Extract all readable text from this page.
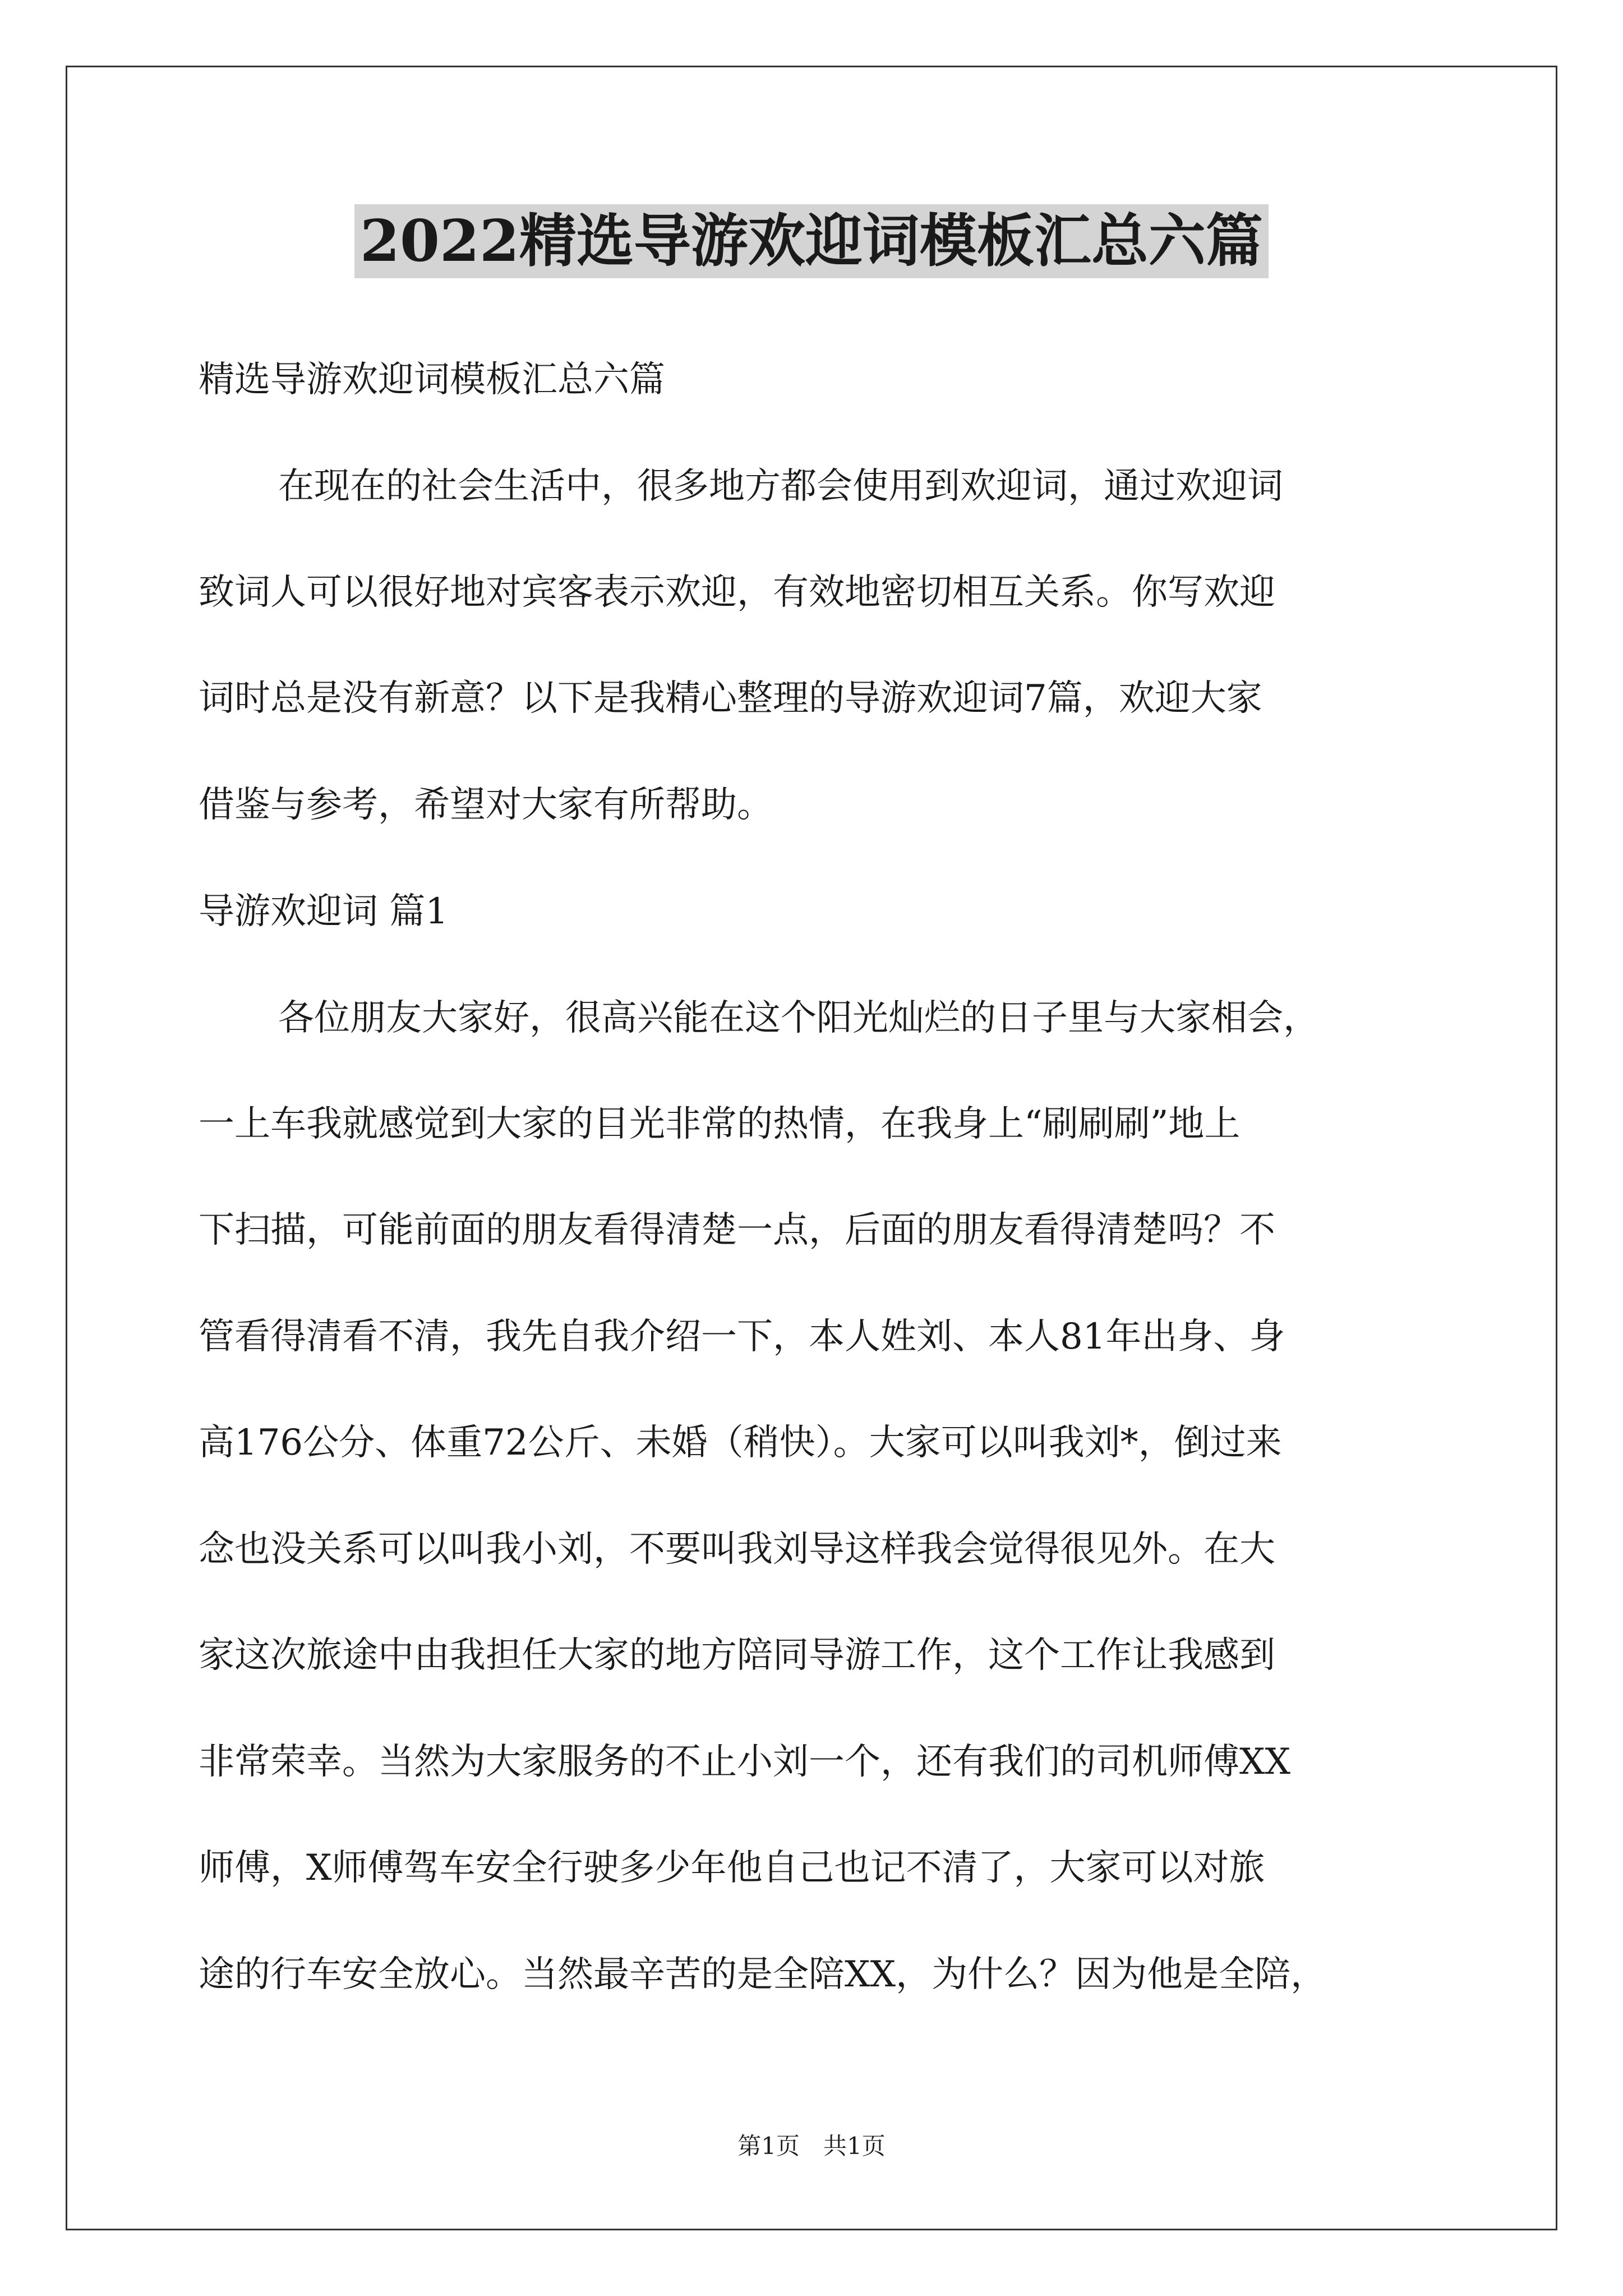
2022精选导游欢迎词模板汇总六篇
精选导游欢迎词模板汇总六篇
在现在的社会生活中，很多地方都会使用到欢迎词，通过欢迎词
致词人可以很好地对宾客表示欢迎，有效地密切相互关系。你写欢迎
词时总是没有新意？以下是我精心整理的导游欢迎词7篇，欢迎大家
借鉴与参考，希望对大家有所帮助。
导游欢迎词 篇1
各位朋友大家好，很高兴能在这个阳光灿烂的日子里与大家相会，
一上车我就感觉到大家的目光非常的热情，在我身上“刷刷刷”地上
下扫描，可能前面的朋友看得清楚一点，后面的朋友看得清楚吗？不
管看得清看不清，我先自我介绍一下，本人姓刘、本人81年出身、身
高176公分、体重72公斤、未婚（稍快）。大家可以叫我刘*，倒过来
念也没关系可以叫我小刘，不要叫我刘导这样我会觉得很见外。在大
家这次旅途中由我担任大家的地方陪同导游工作，这个工作让我感到
非常荣幸。当然为大家服务的不止小刘一个，还有我们的司机师傅XX
师傅，X师傅驾车安全行驶多少年他自己也记不清了，大家可以对旅
途的行车安全放心。当然最辛苦的是全陪XX，为什么？因为他是全陪，
第1页　共1页
